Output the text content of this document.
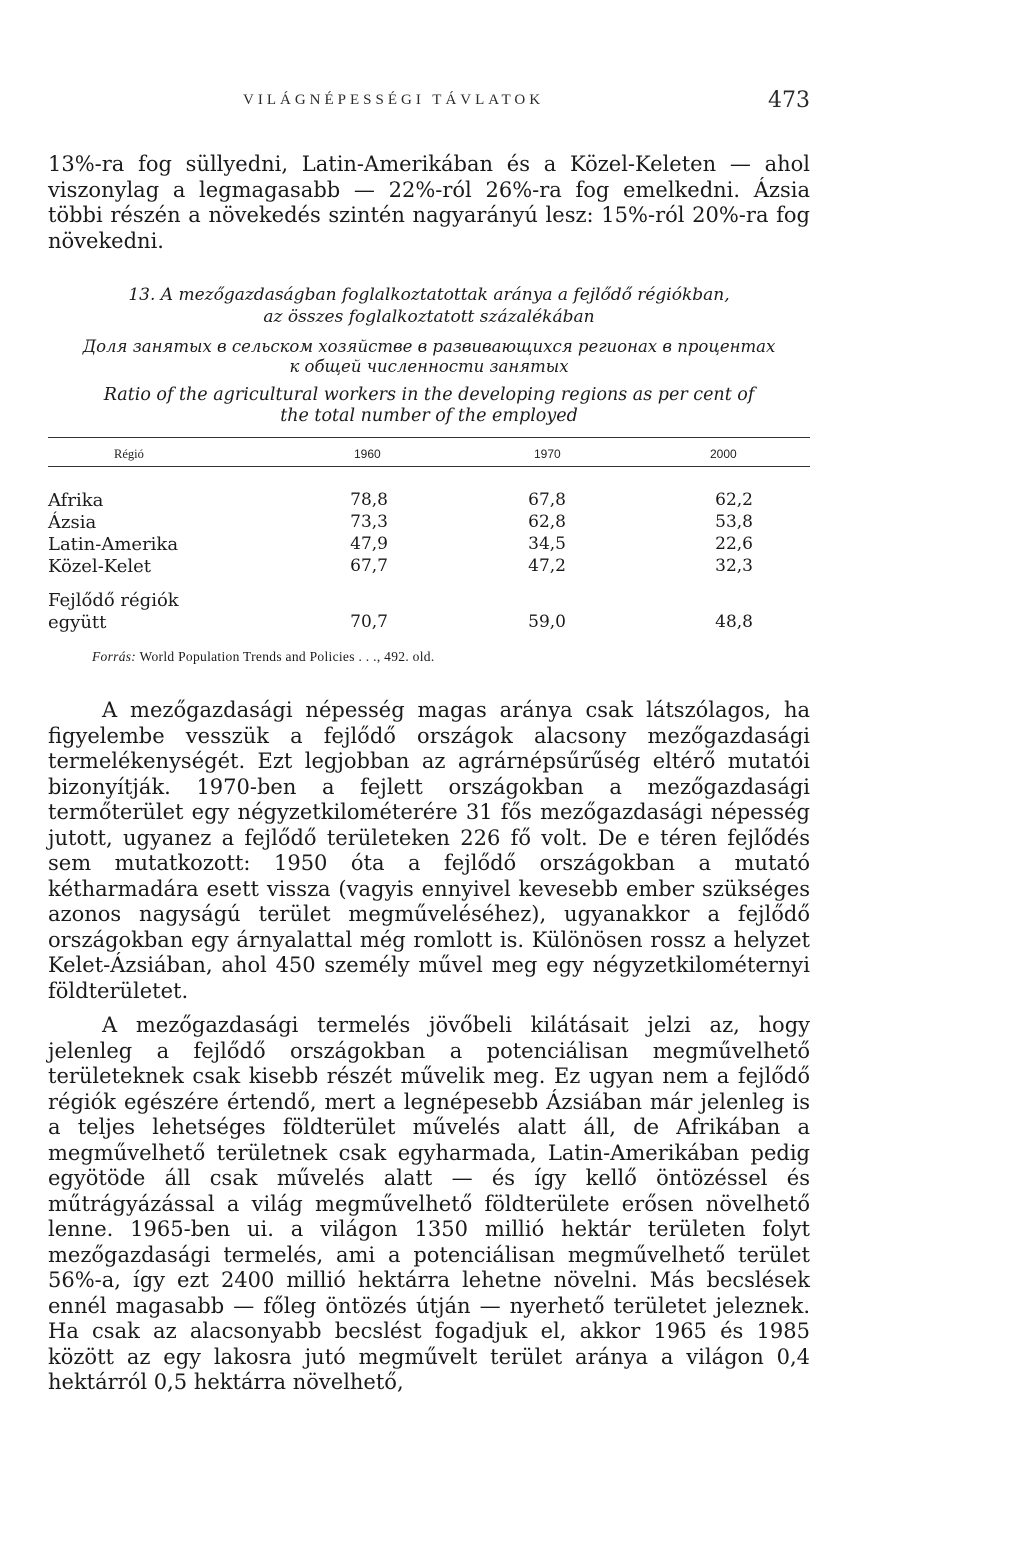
VILÁGNÉPESSÉGI TÁVLATOK	473

13%-ra fog süllyedni, Latin-Amerikában és a Közel-Keleten — ahol viszonylag a legmagasabb — 22%-ról 26%-ra fog emelkedni. Ázsia többi részén a növekedés szintén nagyarányú lesz: 15%-ról 20%-ra fog növekedni.

13. A mezőgazdaságban foglalkoztatottak aránya a fejlődő régiókban,

az összes foglalkoztatott százalékában

Доля занятых в сельском хозяйстве в развивающихся регионах в процентах

к общей численности занятых

Ratio of the agricultural workers in the developing regions as per cent of

the total number of the employed

Régió	1960	1970	2000
Afrika	78,8	67,8	62,2
Ázsia	73,3	62,8	53,8
Latin-Amerika	47,9	34,5	22,6
Közel-Kelet	67,7	47,2	32,3
Fejlődő régiók
együtt	70,7	59,0	48,8
Forrás: World Population Trends and Policies . . ., 492. old.

A mezőgazdasági népesség magas aránya csak látszólagos, ha figyelembe vesszük a fejlődő országok alacsony mezőgazdasági termelékenységét. Ezt legjobban az agrárnépsűrűség eltérő mutatói bizonyítják. 1970-ben a fejlett országokban a mezőgazdasági termőterület egy négyzetkilométerére 31 fős mezőgazdasági népesség jutott, ugyanez a fejlődő területeken 226 fő volt. De e téren fejlődés sem mutatkozott: 1950 óta a fejlődő országokban a mutató kétharmadára esett vissza (vagyis ennyivel kevesebb ember szükséges azonos nagyságú terület megműveléséhez), ugyanakkor a fejlődő országokban egy árnyalattal még romlott is. Különösen rossz a helyzet Kelet-Ázsiában, ahol 450 személy művel meg egy négyzetkilométernyi földterületet.

A mezőgazdasági termelés jövőbeli kilátásait jelzi az, hogy jelenleg a fejlődő országokban a potenciálisan megművelhető területeknek csak kisebb részét művelik meg. Ez ugyan nem a fejlődő régiók egészére értendő, mert a legnépesebb Ázsiában már jelenleg is a teljes lehetséges földterület művelés alatt áll, de Afrikában a megművelhető területnek csak egyharmada, Latin-Amerikában pedig egyötöde áll csak művelés alatt — és így kellő öntözéssel és műtrágyázással a világ megművelhető földterülete erősen növelhető lenne. 1965-ben ui. a világon 1350 millió hektár területen folyt mezőgazdasági termelés, ami a potenciálisan megművelhető terület 56%-a, így ezt 2400 millió hektárra lehetne növelni. Más becslések ennél magasabb — főleg öntözés útján — nyerhető területet jeleznek. Ha csak az alacsonyabb becslést fogadjuk el, akkor 1965 és 1985 között az egy lakosra jutó megművelt terület aránya a világon 0,4 hektárról 0,5 hektárra növelhető,
